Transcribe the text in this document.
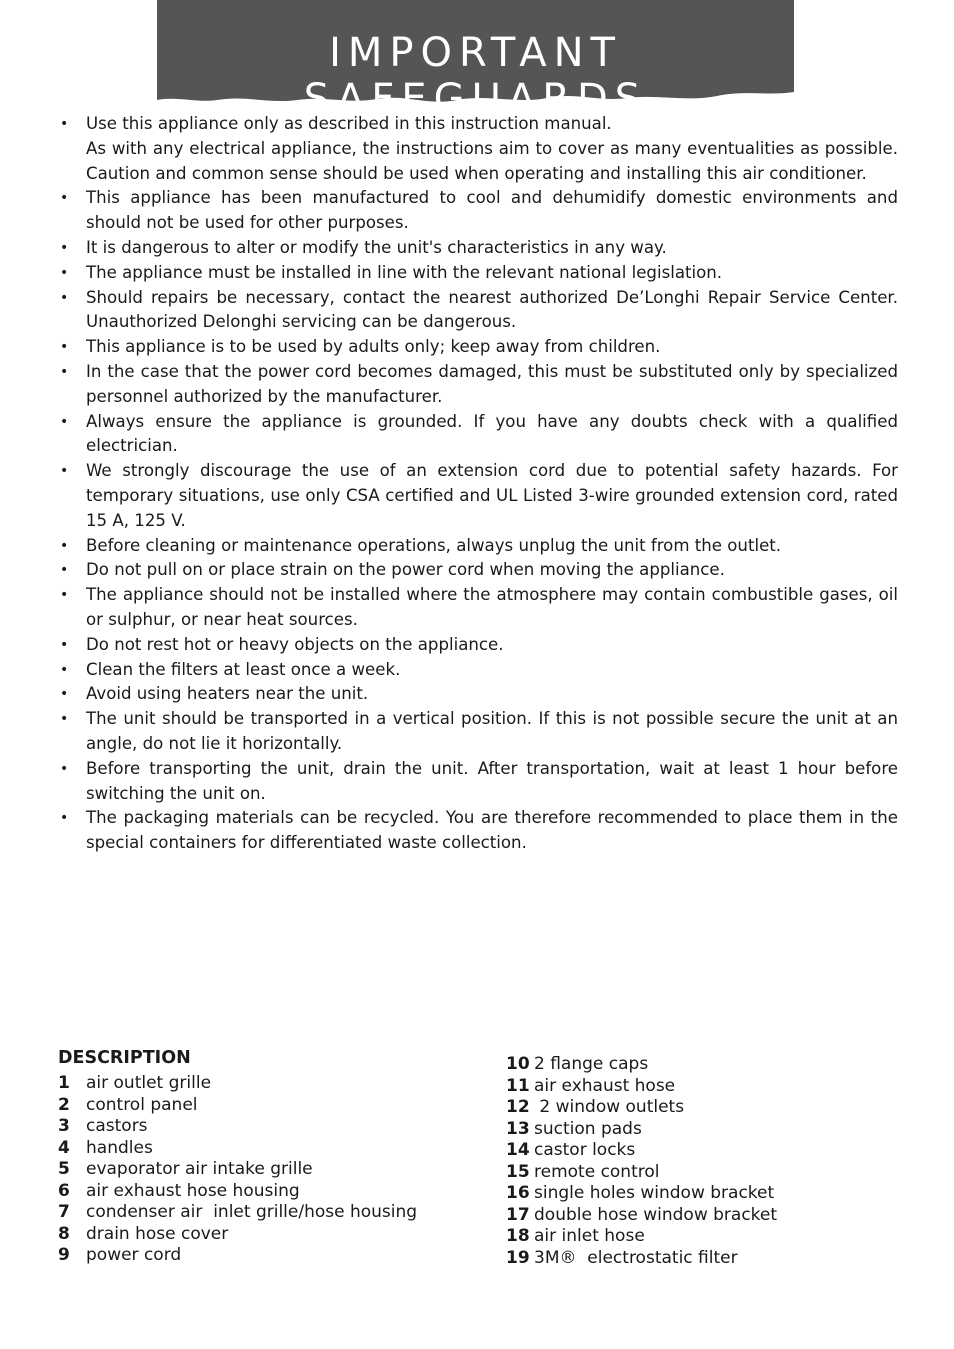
IMPORTANT SAFEGUARDS
• Use this appliance only as described in this instruction manual.
As with any electrical appliance, the instructions aim to cover as many eventualities as possible. Caution and common sense should be used when operating and installing this air conditioner.
• This appliance has been manufactured to cool and dehumidify domestic environments and should not be used for other purposes.
• It is dangerous to alter or modify the unit's characteristics in any way.
• The appliance must be installed in line with the relevant national legislation.
• Should repairs be necessary, contact the nearest authorized De’Longhi Repair Service Center. Unauthorized Delonghi servicing can be dangerous.
• This appliance is to be used by adults only; keep away from children.
• In the case that the power cord becomes damaged, this must be substituted only by specialized personnel authorized by the manufacturer.
• Always ensure the appliance is grounded. If you have any doubts check with a qualified electrician.
• We strongly discourage the use of an extension cord due to potential safety hazards. For temporary situations, use only CSA certified and UL Listed 3-wire grounded extension cord, rated 15 A, 125 V.
• Before cleaning or maintenance operations, always unplug the unit from the outlet.
• Do not pull on or place strain on the power cord when moving the appliance.
• The appliance should not be installed where the atmosphere may contain combustible gases, oil or sulphur, or near heat sources.
• Do not rest hot or heavy objects on the appliance.
• Clean the filters at least once a week.
• Avoid using heaters near the unit.
• The unit should be transported in a vertical position. If this is not possible secure the unit at an angle, do not lie it horizontally.
• Before transporting the unit, drain the unit. After transportation, wait at least 1 hour before switching the unit on.
• The packaging materials can be recycled. You are therefore recommended to place them in the special containers for differentiated waste collection.
DESCRIPTION
1 air outlet grille
2 control panel
3 castors
4 handles
5 evaporator air intake grille
6 air exhaust hose housing
7 condenser air  inlet grille/hose housing
8 drain hose cover
9 power cord
10 2 flange caps
11 air exhaust hose
12 2 window outlets
13 suction pads
14 castor locks
15 remote control
16 single holes window bracket
17 double hose window bracket
18 air inlet hose
19 3M®  electrostatic filter
